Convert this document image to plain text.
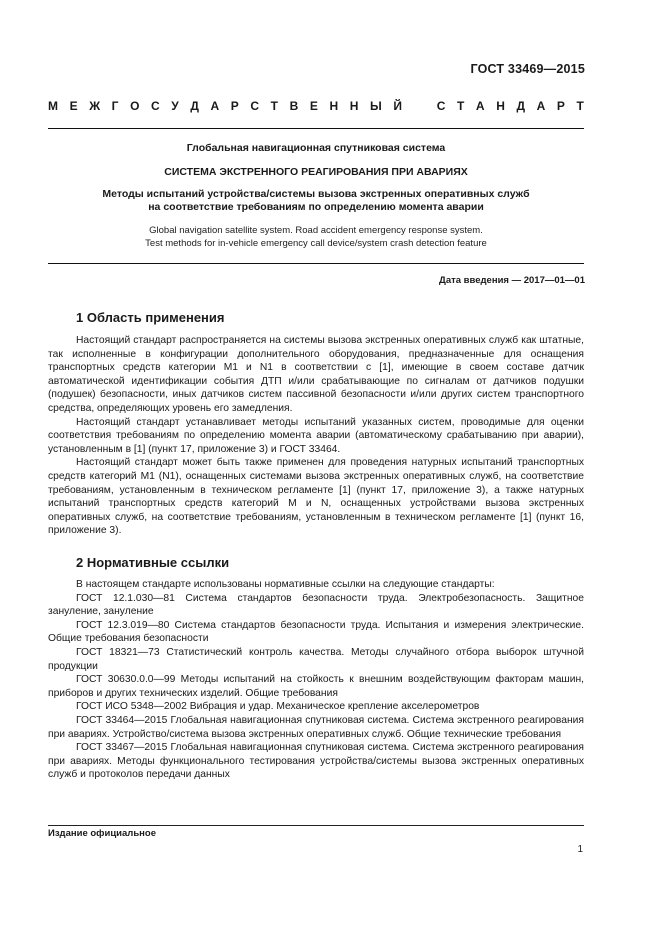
ГОСТ 33469—2015
М Е Ж Г О С У Д А Р С Т В Е Н Н Ы Й	С Т А Н Д А Р Т
Глобальная навигационная спутниковая система
СИСТЕМА ЭКСТРЕННОГО РЕАГИРОВАНИЯ ПРИ АВАРИЯХ
Методы испытаний устройства/системы вызова экстренных оперативных служб
на соответствие требованиям по определению момента аварии
Global navigation satellite system. Road accident emergency response system.
Test methods for in-vehicle emergency call device/system crash detection feature
Дата введения — 2017—01—01
1 Область применения

Настоящий стандарт распространяется на системы вызова экстренных оперативных служб как штатные, так исполненные в конфигурации дополнительного оборудования, предназначенные для оснащения транспортных средств категории М1 и N1 в соответствии с [1], имеющие в своем составе датчик автоматической идентификации события ДТП и/или срабатывающие по сигналам от датчиков подушки (подушек) безопасности, иных датчиков систем пассивной безопасности и/или других систем транспортного средства, определяющих уровень его замедления.

Настоящий стандарт устанавливает методы испытаний указанных систем, проводимые для оценки соответствия требованиям по определению момента аварии (автоматическому срабатыванию при аварии), установленным в [1] (пункт 17, приложение 3) и ГОСТ 33464.

Настоящий стандарт может быть также применен для проведения натурных испытаний транспортных средств категорий М1 (N1), оснащенных системами вызова экстренных оперативных служб, на соответствие требованиям, установленным в техническом регламенте [1] (пункт 17, приложение 3), а также натурных испытаний транспортных средств категорий М и N, оснащенных устройствами вызова экстренных оперативных служб, на соответствие требованиям, установленным в техническом регламенте [1] (пункт 16, приложение 3).

2 Нормативные ссылки

В настоящем стандарте использованы нормативные ссылки на следующие стандарты:

ГОСТ 12.1.030—81 Система стандартов безопасности труда. Электробезопасность. Защитное зануление, зануление

ГОСТ 12.3.019—80 Система стандартов безопасности труда. Испытания и измерения электрические. Общие требования безопасности

ГОСТ 18321—73 Статистический контроль качества. Методы случайного отбора выборок штучной продукции

ГОСТ 30630.0.0—99 Методы испытаний на стойкость к внешним воздействующим факторам машин, приборов и других технических изделий. Общие требования

ГОСТ ИСО 5348—2002 Вибрация и удар. Механическое крепление акселерометров

ГОСТ 33464—2015 Глобальная навигационная спутниковая система. Система экстренного реагирования при авариях. Устройство/система вызова экстренных оперативных служб. Общие технические требования

ГОСТ 33467—2015 Глобальная навигационная спутниковая система. Система экстренного реагирования при авариях. Методы функционального тестирования устройства/системы вызова экстренных оперативных служб и протоколов передачи данных

Издание официальное
1
